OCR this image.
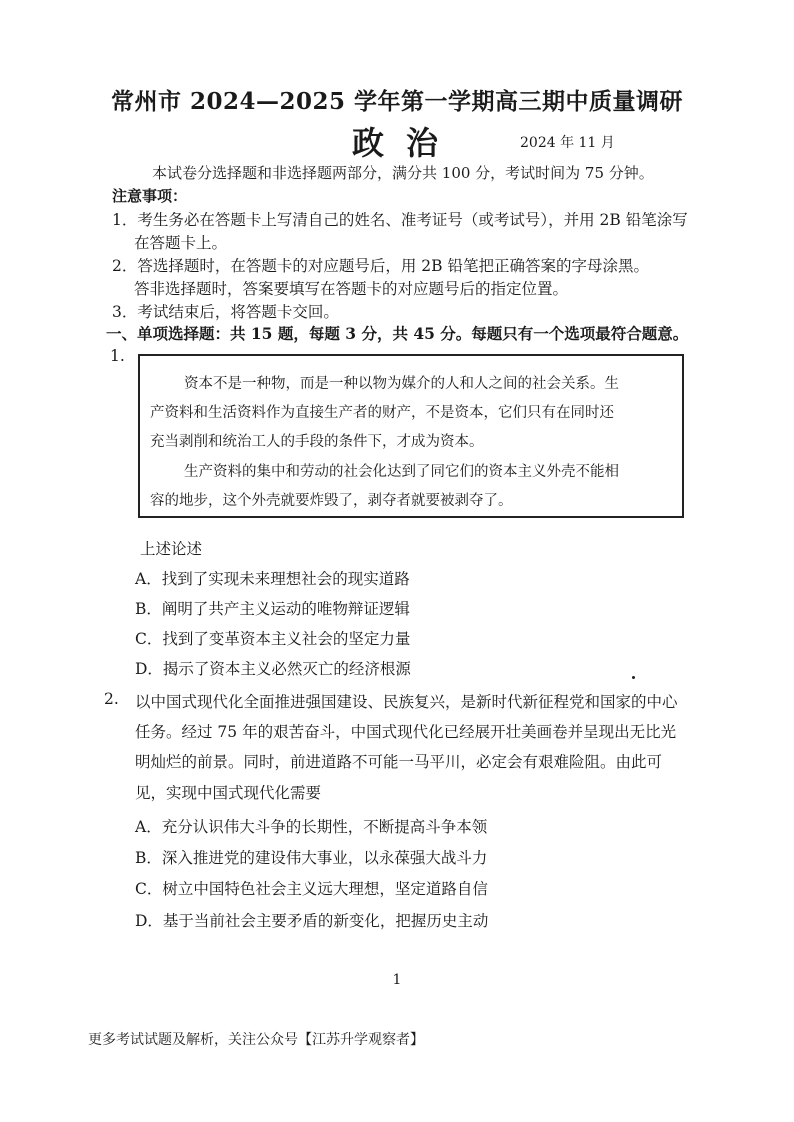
常州市 2024—2025 学年第一学期高三期中质量调研
政治	2024 年 11 月
本试卷分选择题和非选择题两部分，满分共 100 分，考试时间为 75 分钟。
注意事项：
1．考生务必在答题卡上写清自己的姓名、准考证号（或考试号），并用 2B 铅笔涂写
在答题卡上。
2．答选择题时，在答题卡的对应题号后，用 2B 铅笔把正确答案的字母涂黑。
答非选择题时，答案要填写在答题卡的对应题号后的指定位置。
3．考试结束后，将答题卡交回。
一、单项选择题：共 15 题，每题 3 分，共 45 分。每题只有一个选项最符合题意。
1.
资本不是一种物，而是一种以物为媒介的人和人之间的社会关系。生
产资料和生活资料作为直接生产者的财产，不是资本，它们只有在同时还
充当剥削和统治工人的手段的条件下，才成为资本。
生产资料的集中和劳动的社会化达到了同它们的资本主义外壳不能相
容的地步，这个外壳就要炸毁了，剥夺者就要被剥夺了。
上述论述
A．找到了实现未来理想社会的现实道路
B．阐明了共产主义运动的唯物辩证逻辑
C．找到了变革资本主义社会的坚定力量
D．揭示了资本主义必然灭亡的经济根源
2. 以中国式现代化全面推进强国建设、民族复兴，是新时代新征程党和国家的中心
任务。经过 75 年的艰苦奋斗，中国式现代化已经展开壮美画卷并呈现出无比光
明灿烂的前景。同时，前进道路不可能一马平川，必定会有艰难险阻。由此可
见，实现中国式现代化需要
A．充分认识伟大斗争的长期性，不断提高斗争本领
B．深入推进党的建设伟大事业，以永葆强大战斗力
C．树立中国特色社会主义远大理想，坚定道路自信
D．基于当前社会主要矛盾的新变化，把握历史主动
1
更多考试试题及解析，关注公众号【江苏升学观察者】
